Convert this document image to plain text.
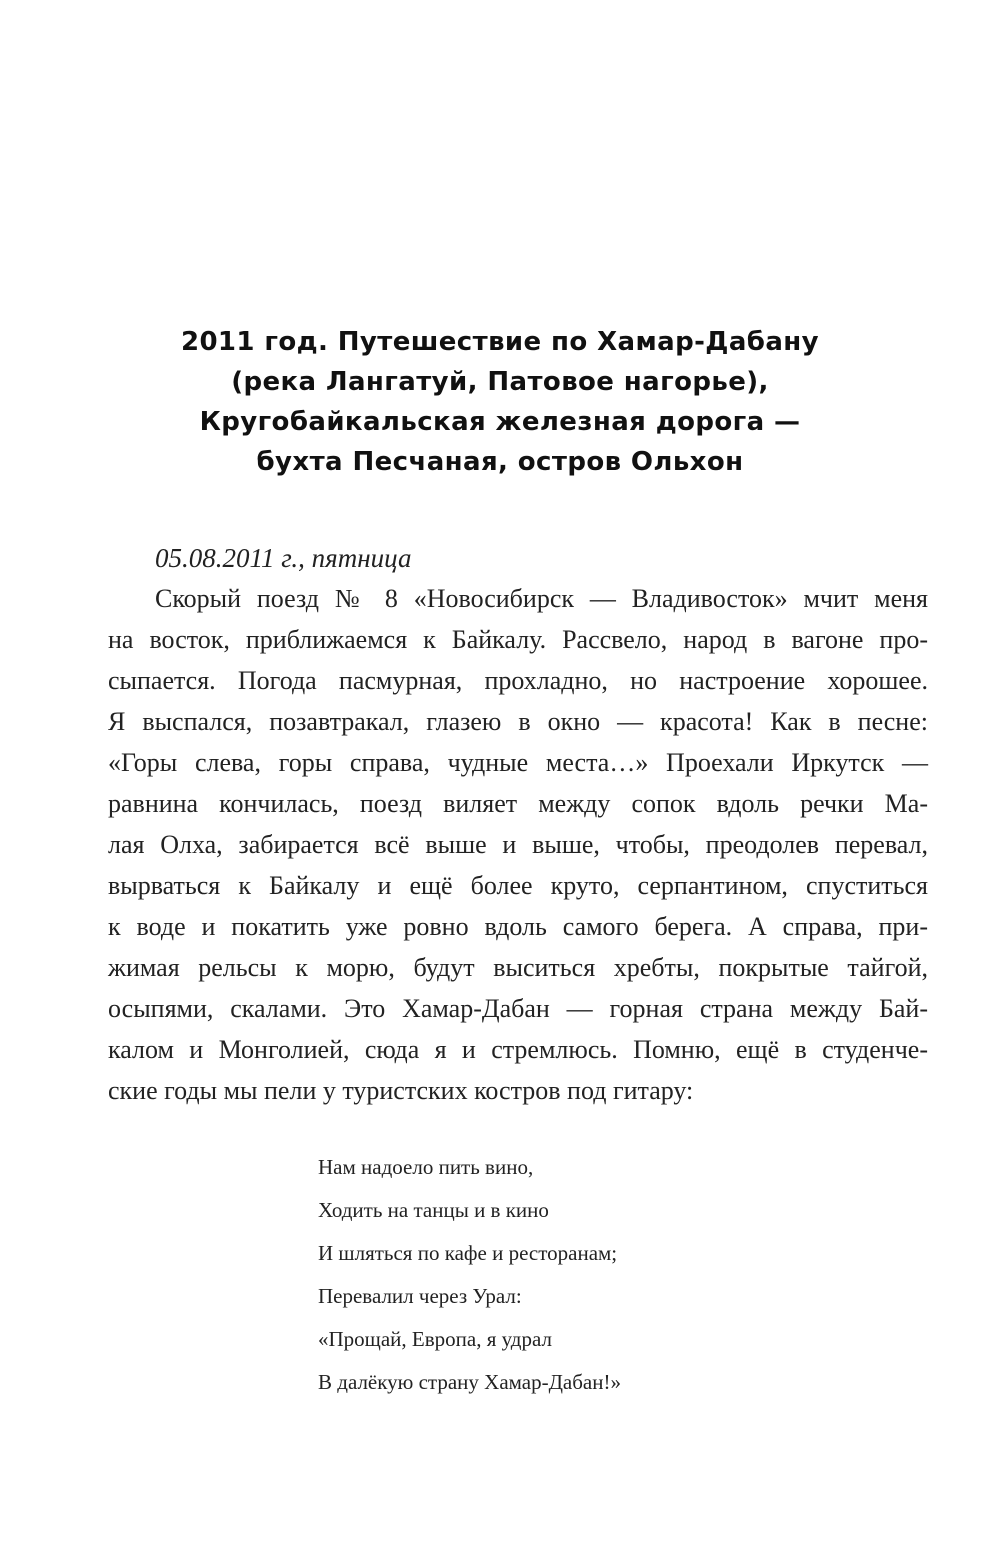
2011 год. Путешествие по Хамар-Дабану
(река Лангатуй, Патовое нагорье),
Кругобайкальская железная дорога —
бухта Песчаная, остров Ольхон

05.08.2011 г., пятница

Скорый поезд № 8 «Новосибирск — Владивосток» мчит меня
на восток, приближаемся к Байкалу. Рассвело, народ в вагоне про-
сыпается. Погода пасмурная, прохладно, но настроение хорошее.
Я выспался, позавтракал, глазею в окно — красота! Как в песне:
«Горы слева, горы справа, чудные места…» Проехали Иркутск —
равнина кончилась, поезд виляет между сопок вдоль речки Ма-
лая Олха, забирается всё выше и выше, чтобы, преодолев перевал,
вырваться к Байкалу и ещё более круто, серпантином, спуститься
к воде и покатить уже ровно вдоль самого берега. А справа, при-
жимая рельсы к морю, будут выситься хребты, покрытые тайгой,
осыпями, скалами. Это Хамар-Дабан — горная страна между Бай-
калом и Монголией, сюда я и стремлюсь. Помню, ещё в студенче-
ские годы мы пели у туристских костров под гитару:
Нам надоело пить вино,
Ходить на танцы и в кино
И шляться по кафе и ресторанам;
Перевалил через Урал:
«Прощай, Европа, я удрал
В далёкую страну Хамар-Дабан!»
